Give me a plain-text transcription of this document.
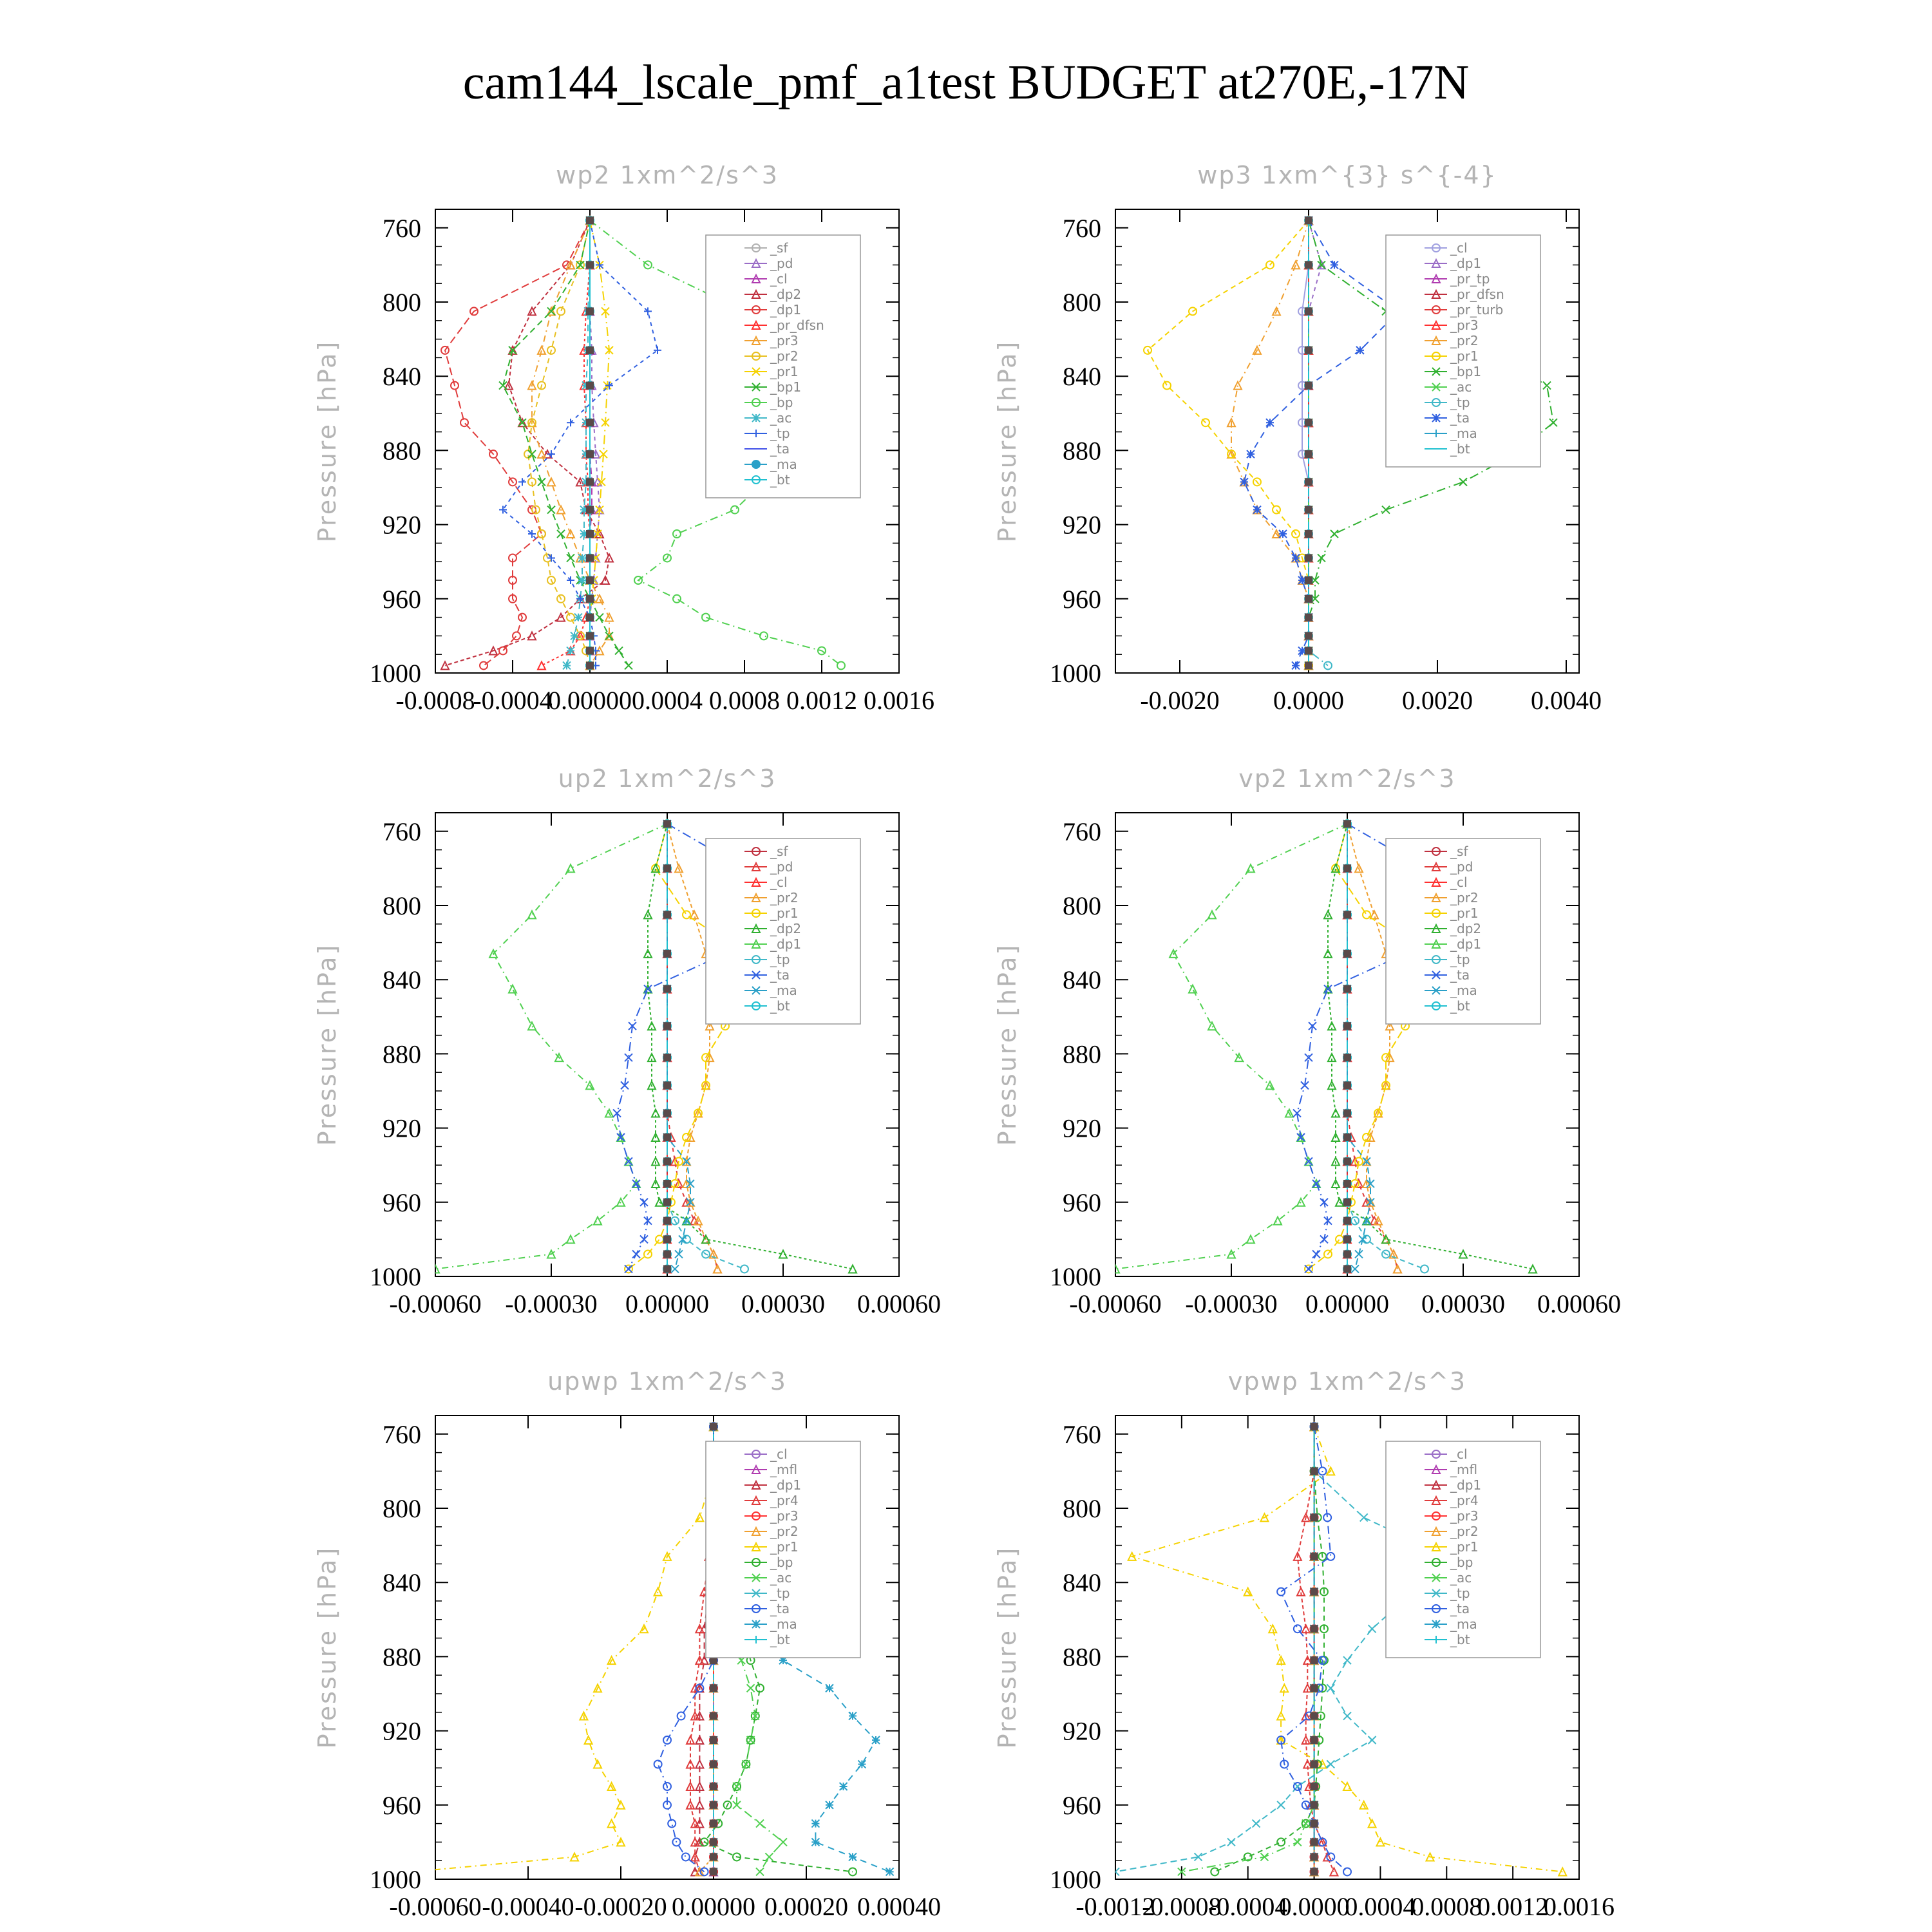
cam144_lscale_pmf_a1test BUDGET at270E,-17N
wp2 1xm^2/s^3
760
800
840
880
920
960
1000
-0.0008
-0.0004
0.00000 0.0004 0.0008 0.0012 0.0016
Pressure [hPa]
_sf
_pd
_cl
_dp2
_dp1
_pr_dfsn
_pr3
_pr2
_pr1
_bp1
_bp
_ac
_tp
_ta
_ma
_bt
wp3 1xm^{3} s^{-4}
760
800
840
880
920
960
1000
-0.0020 0.0000 0.0020 0.0040
Pressure [hPa]
_cl
_dp1
_pr_tp
_pr_dfsn
_pr_turb
_pr3
_pr2
_pr1
_bp1
_ac
_tp
_ta
_ma
_bt
up2 1xm^2/s^3
760
800
840
880
920
960
1000
-0.00060 -0.00030 0.00000 0.00030 0.00060
Pressure [hPa]
_sf
_pd
_cl
_pr2
_pr1
_dp2
_dp1
_tp
_ta
_ma
_bt
vp2 1xm^2/s^3
760
800
840
880
920
960
1000
-0.00060 -0.00030 0.00000 0.00030 0.00060
Pressure [hPa]
_sf
_pd
_cl
_pr2
_pr1
_dp2
_dp1
_tp
_ta
_ma
_bt
upwp 1xm^2/s^3
760
800
840
880
920
960
1000
-0.00060 -0.00040 -0.00020 0.00000 0.00020 0.00040
Pressure [hPa]
_cl
_mfl
_dp1
_pr4
_pr3
_pr2
_pr1
_bp
_ac
_tp
_ta
_ma
_bt
vpwp 1xm^2/s^3
760
800
840
880
920
960
1000
-0.0012
-0.0008
-0.0004
0.0000
0.0004
0.0008
0.0012
0.0016
Pressure [hPa]
_cl
_mfl
_dp1
_pr4
_pr3
_pr2
_pr1
_bp
_ac
_tp
_ta
_ma
_bt
